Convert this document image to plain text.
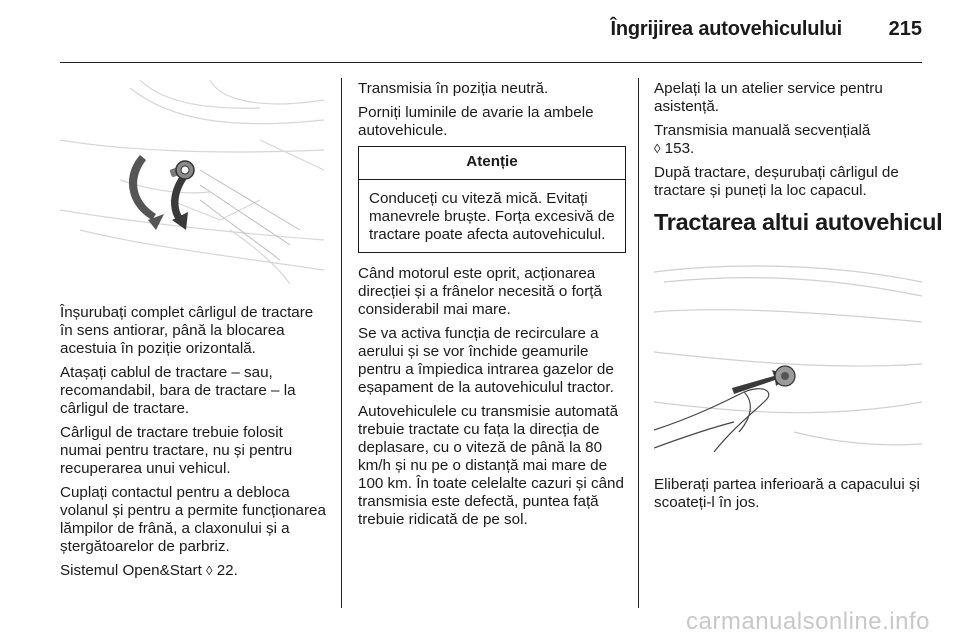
Îngrijirea autovehiculului 215

Înșurubați complet cârligul de tractare în sens antiorar, până la blocarea acestuia în poziție orizontală.

Atașați cablul de tractare – sau, recomandabil, bara de tractare – la cârligul de tractare.

Cârligul de tractare trebuie folosit numai pentru tractare, nu și pentru recuperarea unui vehicul.

Cuplați contactul pentru a debloca volanul și pentru a permite funcționarea lămpilor de frână, a claxonului și a ștergătoarelor de parbriz.

Sistemul Open&Start ◊ 22.

Transmisia în poziția neutră.

Porniți luminile de avarie la ambele autovehicule.

Atenție
Conduceți cu viteză mică. Evitați manevrele bruște. Forța excesivă de tractare poate afecta autovehiculul.

Când motorul este oprit, acționarea direcției și a frânelor necesită o forță considerabil mai mare.

Se va activa funcția de recirculare a aerului și se vor închide geamurile pentru a împiedica intrarea gazelor de eșapament de la autovehiculul tractor.

Autovehiculele cu transmisie automată trebuie tractate cu fața la direcția de deplasare, cu o viteză de până la 80 km/h și nu pe o distanță mai mare de 100 km. În toate celelalte cazuri și când transmisia este defectă, puntea față trebuie ridicată de pe sol.

Apelați la un atelier service pentru asistență.

Transmisia manuală secvențială
◊ 153.

După tractare, deșurubați cârligul de tractare și puneți la loc capacul.

Tractarea altui autovehicul

Eliberați partea inferioară a capacului și scoateți-l în jos.

carmanualsonline.info
